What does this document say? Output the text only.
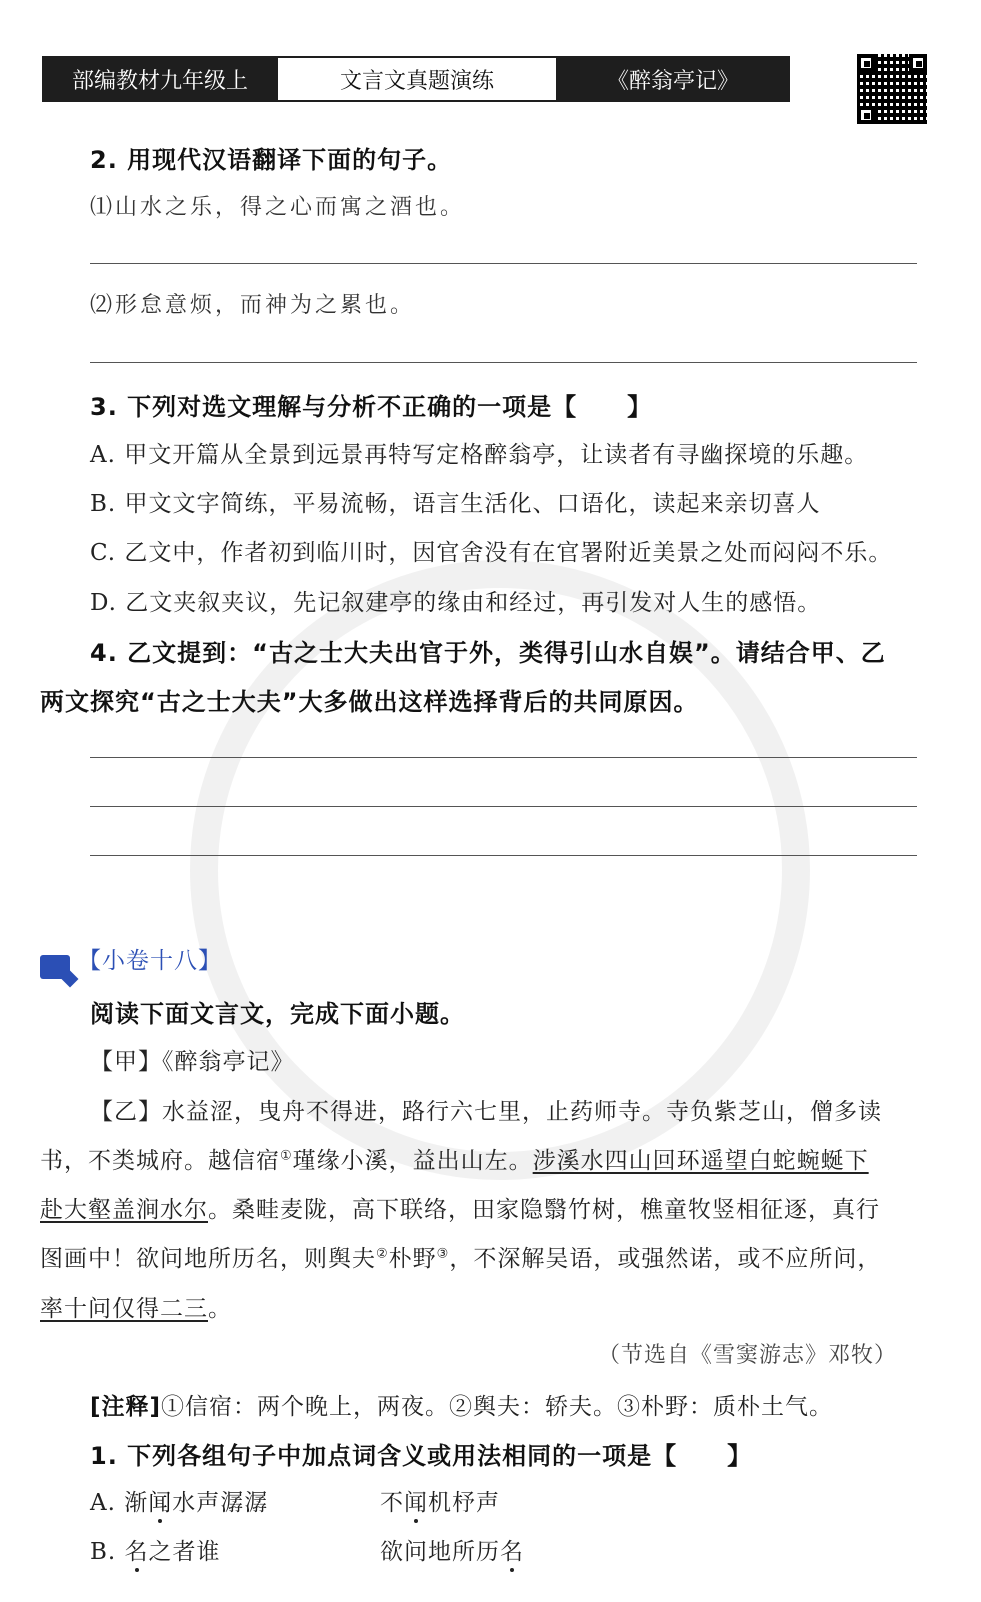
部编教材九年级上	文言文真题演练	《醉翁亭记》
2. 用现代汉语翻译下面的句子。
⑴山水之乐，得之心而寓之酒也。
⑵形怠意烦，而神为之累也。
3. 下列对选文理解与分析不正确的一项是【　　】
A. 甲文开篇从全景到远景再特写定格醉翁亭，让读者有寻幽探境的乐趣。
B. 甲文文字简练，平易流畅，语言生活化、口语化，读起来亲切喜人
C. 乙文中，作者初到临川时，因官舍没有在官署附近美景之处而闷闷不乐。
D. 乙文夹叙夹议，先记叙建亭的缘由和经过，再引发对人生的感悟。
4. 乙文提到：“古之士大夫出官于外，类得引山水自娱”。请结合甲、乙
两文探究“古之士大夫”大多做出这样选择背后的共同原因。
【小卷十八】
阅读下面文言文，完成下面小题。
【甲】《醉翁亭记》
【乙】水益涩，曳舟不得进，路行六七里，止药师寺。寺负紫芝山，僧多读
书，不类城府。越信宿①瑾缘小溪，益出山左。涉溪水四山回环遥望白蛇蜿蜒下
赴大壑盖涧水尔。桑畦麦陇，高下联络，田家隐翳竹树，樵童牧竖相征逐，真行
图画中！欲问地所历名，则舆夫②朴野③，不深解吴语，或强然诺，或不应所问，
率十问仅得二三。
（节选自《雪窦游志》邓牧）
[注释]①信宿：两个晚上，两夜。②舆夫：轿夫。③朴野：质朴土气。
1. 下列各组句子中加点词含义或用法相同的一项是【　　】
A. 渐闻水声潺潺	不闻机杼声
B. 名之者谁	欲问地所历名
